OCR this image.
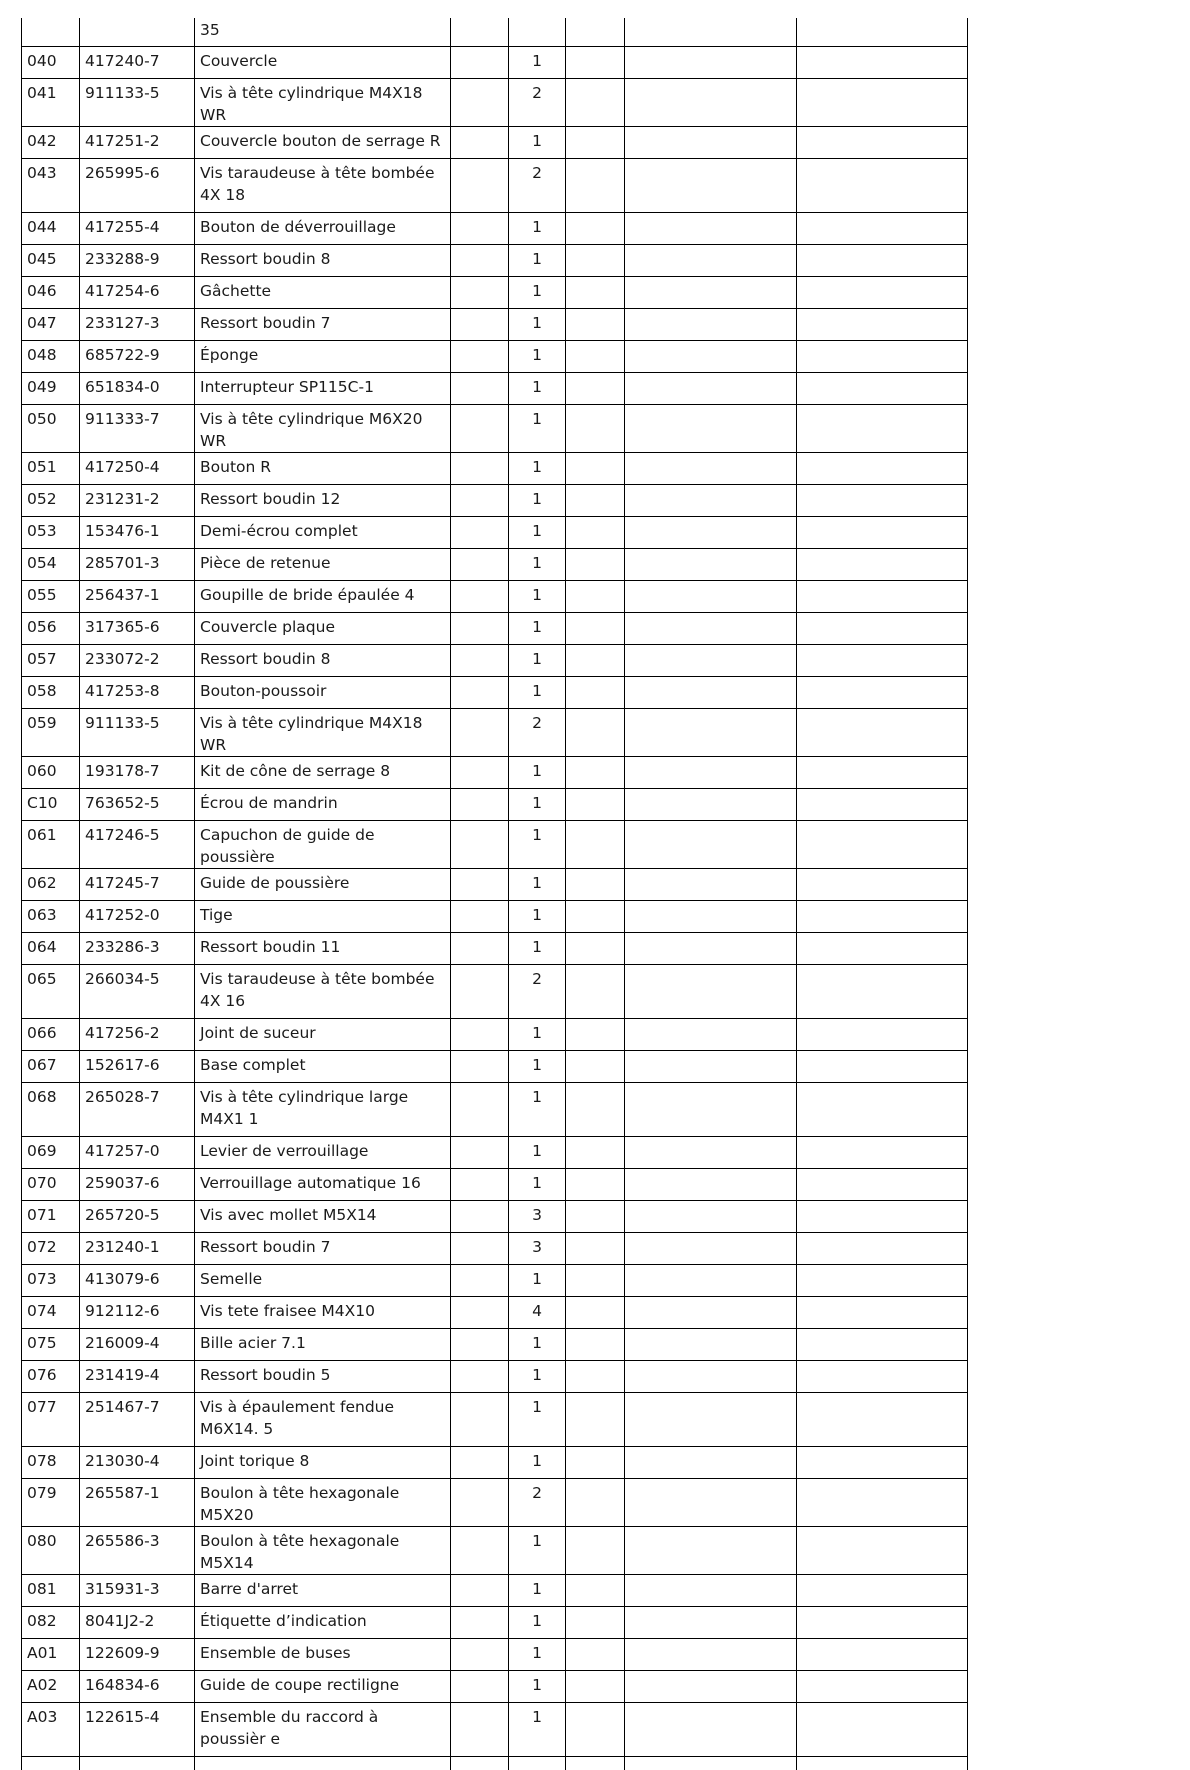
		35					
040	417240-7	Couvercle		1			
041	911133-5	Vis à tête cylindrique M4X18 WR		2			
042	417251-2	Couvercle bouton de serrage R		1			
043	265995-6	Vis taraudeuse à tête bombée 4X 18		2			
044	417255-4	Bouton de déverrouillage		1			
045	233288-9	Ressort boudin 8		1			
046	417254-6	Gâchette		1			
047	233127-3	Ressort boudin 7		1			
048	685722-9	Éponge		1			
049	651834-0	Interrupteur SP115C-1		1			
050	911333-7	Vis à tête cylindrique M6X20 WR		1			
051	417250-4	Bouton R		1			
052	231231-2	Ressort boudin 12		1			
053	153476-1	Demi-écrou complet		1			
054	285701-3	Pièce de retenue		1			
055	256437-1	Goupille de bride épaulée 4		1			
056	317365-6	Couvercle plaque		1			
057	233072-2	Ressort boudin 8		1			
058	417253-8	Bouton-poussoir		1			
059	911133-5	Vis à tête cylindrique M4X18 WR		2			
060	193178-7	Kit de cône de serrage 8		1			
C10	763652-5	Écrou de mandrin		1			
061	417246-5	Capuchon de guide de poussière		1			
062	417245-7	Guide de poussière		1			
063	417252-0	Tige		1			
064	233286-3	Ressort boudin 11		1			
065	266034-5	Vis taraudeuse à tête bombée 4X 16		2			
066	417256-2	Joint de suceur		1			
067	152617-6	Base complet		1			
068	265028-7	Vis à tête cylindrique large M4X1 1		1			
069	417257-0	Levier de verrouillage		1			
070	259037-6	Verrouillage automatique 16		1			
071	265720-5	Vis avec mollet M5X14		3			
072	231240-1	Ressort boudin 7		3			
073	413079-6	Semelle		1			
074	912112-6	Vis tete fraisee M4X10		4			
075	216009-4	Bille acier 7.1		1			
076	231419-4	Ressort boudin 5		1			
077	251467-7	Vis à épaulement fendue M6X14. 5		1			
078	213030-4	Joint torique 8		1			
079	265587-1	Boulon à tête hexagonale M5X20		2			
080	265586-3	Boulon à tête hexagonale M5X14		1			
081	315931-3	Barre d'arret		1			
082	8041J2-2	Étiquette d’indication		1			
A01	122609-9	Ensemble de buses		1			
A02	164834-6	Guide de coupe rectiligne		1			
A03	122615-4	Ensemble du raccord à poussièr e		1			
